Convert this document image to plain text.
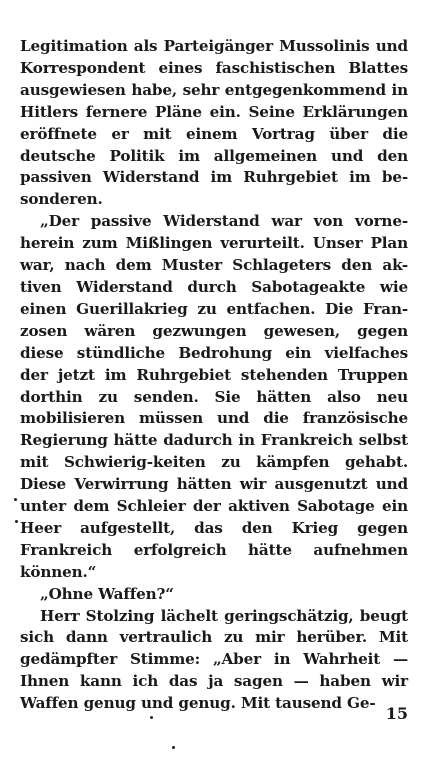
Legitimation als Parteigänger Mussolinis und Korrespondent eines faschistischen Blattes ausgewiesen habe, sehr entgegenkommend in Hitlers fernere Pläne ein. Seine Erklärungen eröffnete er mit einem Vortrag über die deutsche Politik im allgemeinen und den passiven Widerstand im Ruhrgebiet im be-sonderen.

„Der passive Widerstand war von vorne-herein zum Mißlingen verurteilt. Unser Plan war, nach dem Muster Schlageters den ak-tiven Widerstand durch Sabotageakte wie einen Guerillakrieg zu entfachen. Die Fran-zosen wären gezwungen gewesen, gegen diese stündliche Bedrohung ein vielfaches der jetzt im Ruhrgebiet stehenden Truppen dorthin zu senden. Sie hätten also neu mobilisieren müssen und die französische Regierung hätte dadurch in Frankreich selbst mit Schwierig-keiten zu kämpfen gehabt. Diese Verwirrung hätten wir ausgenutzt und unter dem Schleier der aktiven Sabotage ein Heer aufgestellt, das den Krieg gegen Frankreich erfolgreich hätte aufnehmen können.“

„Ohne Waffen?“

Herr Stolzing lächelt geringschätzig, beugt sich dann vertraulich zu mir herüber. Mit gedämpfter Stimme: „Aber in Wahrheit — Ihnen kann ich das ja sagen — haben wir Waffen genug und genug. Mit tausend Ge-

15
